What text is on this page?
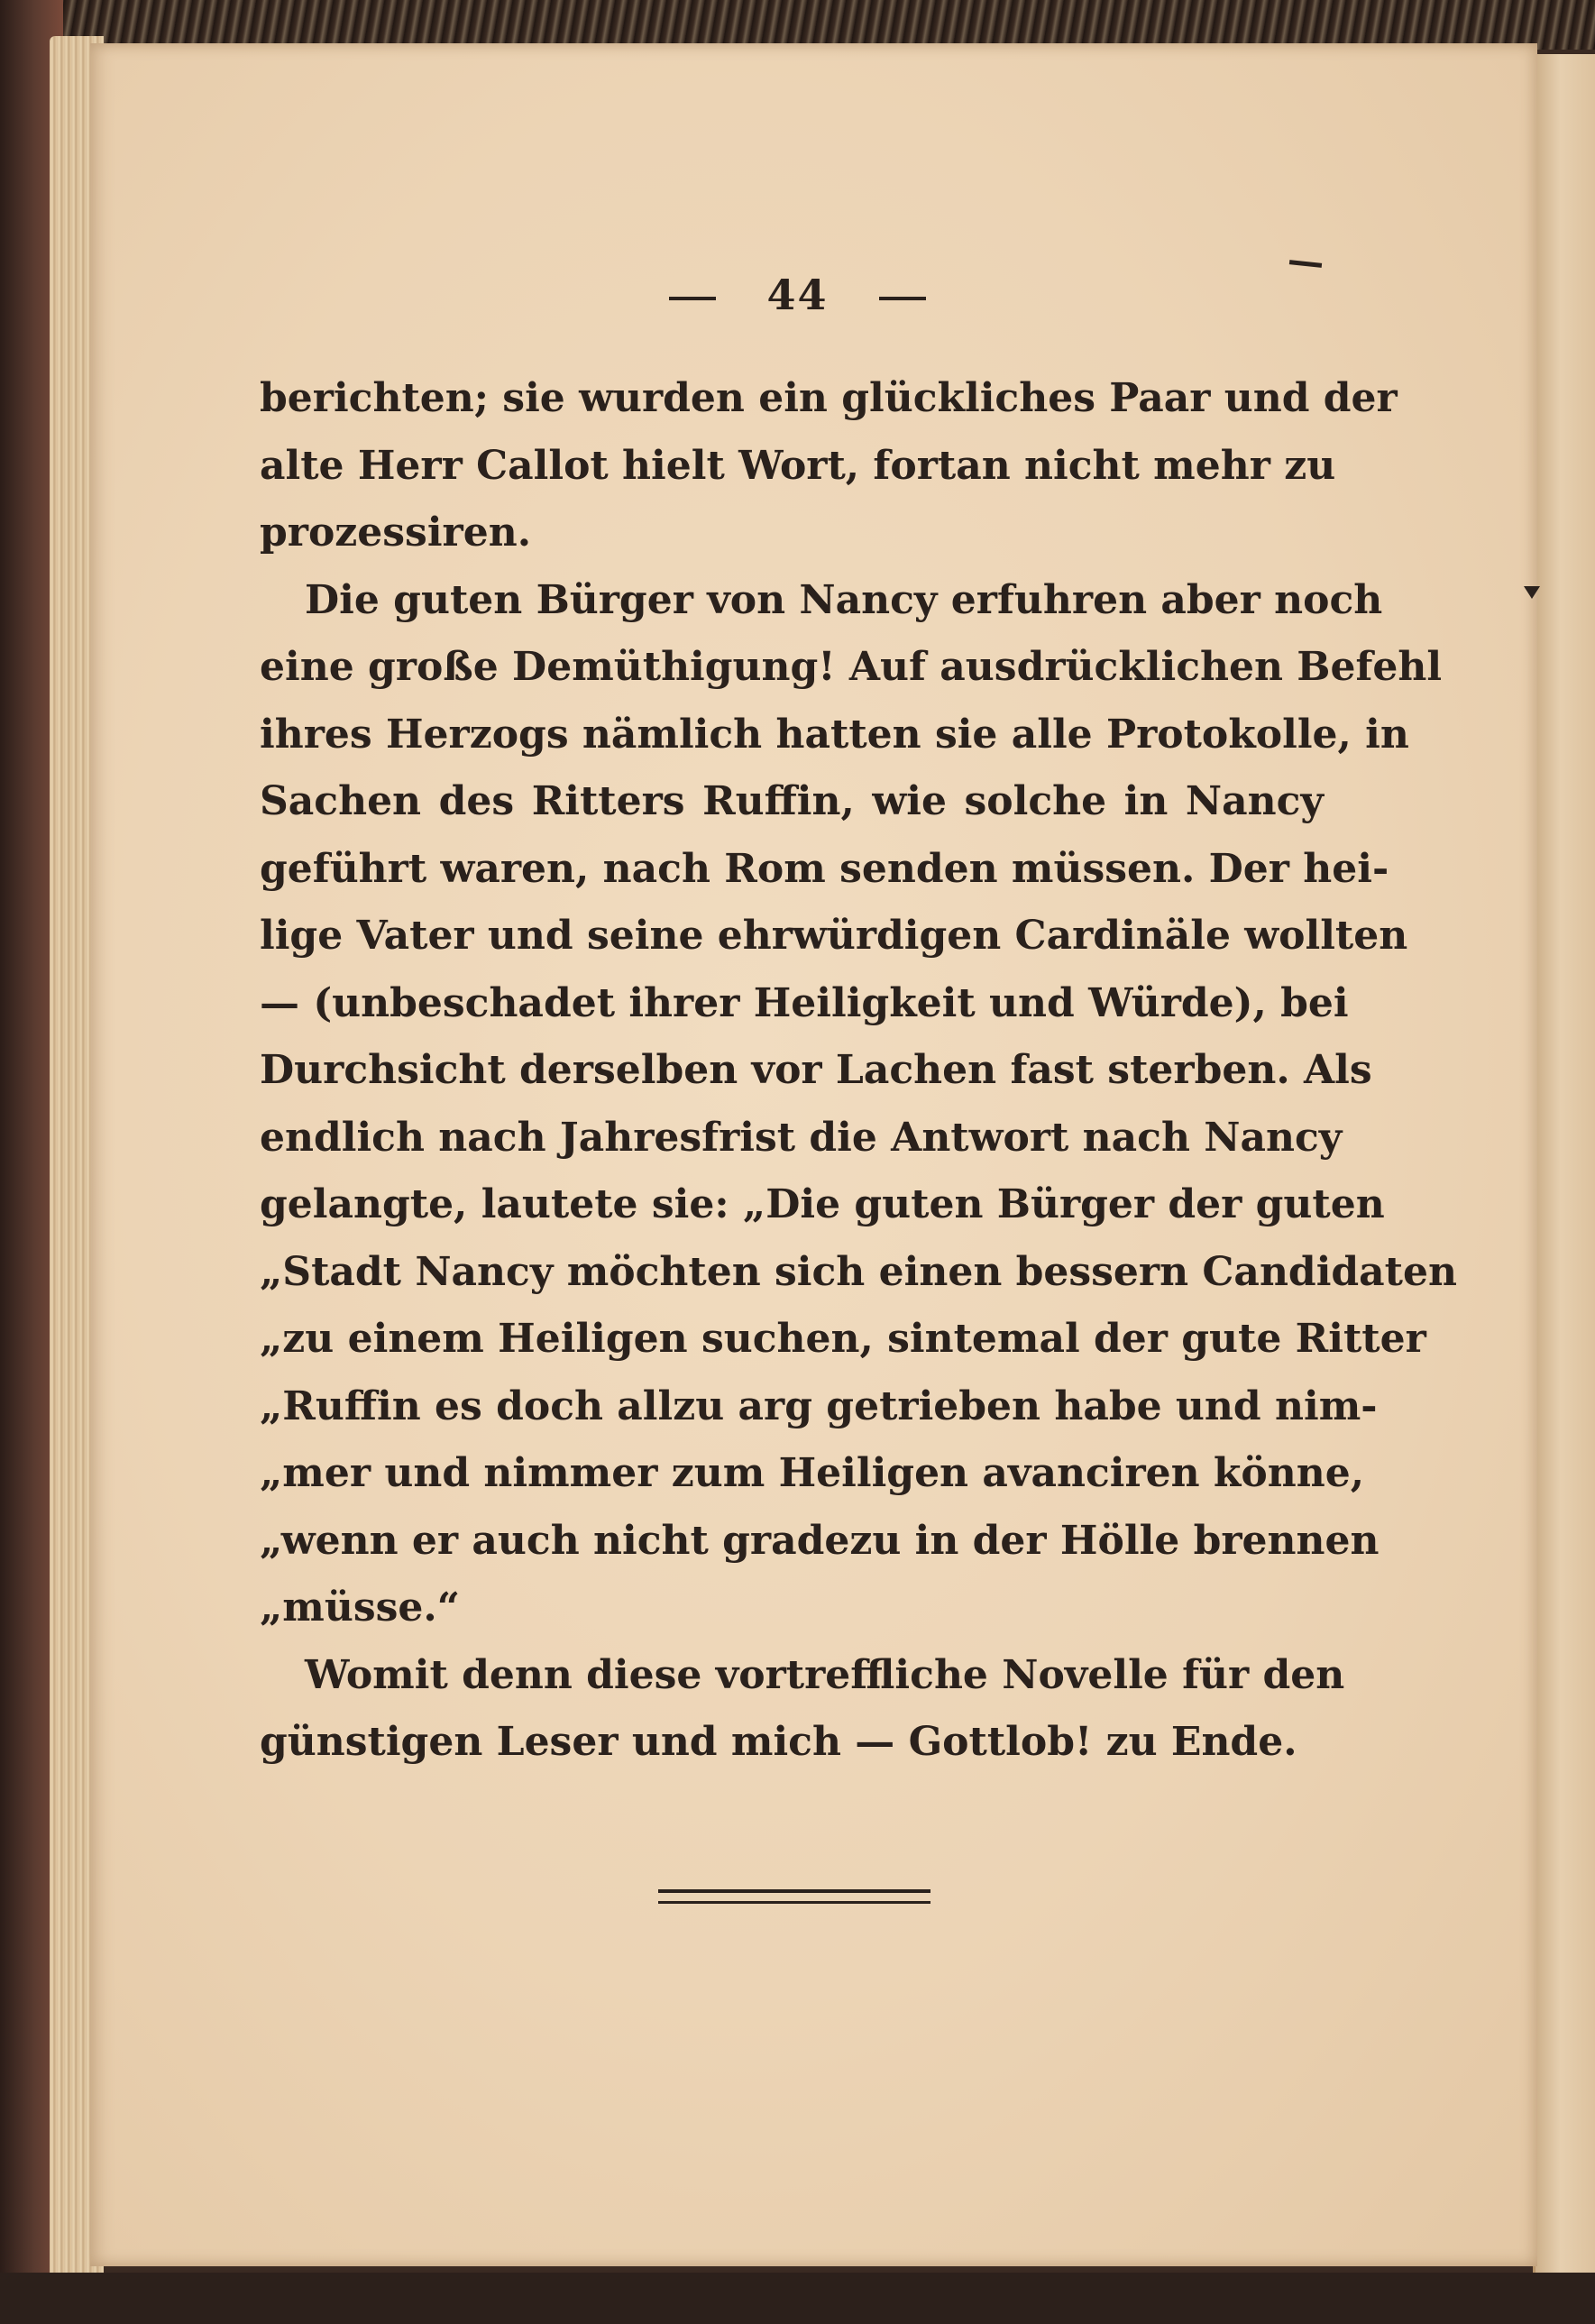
44
berichten; sie wurden ein glückliches Paar und der
alte Herr Callot hielt Wort, fortan nicht mehr zu
prozessiren.
Die guten Bürger von Nancy erfuhren aber noch
eine große Demüthigung! Auf ausdrücklichen Befehl
ihres Herzogs nämlich hatten sie alle Protokolle, in
Sachen des Ritters Ruffin, wie solche in Nancy
geführt waren, nach Rom senden müssen. Der hei-
lige Vater und seine ehrwürdigen Cardinäle wollten
— (unbeschadet ihrer Heiligkeit und Würde), bei
Durchsicht derselben vor Lachen fast sterben. Als
endlich nach Jahresfrist die Antwort nach Nancy
gelangte, lautete sie: „Die guten Bürger der guten
„Stadt Nancy möchten sich einen bessern Candidaten
„zu einem Heiligen suchen, sintemal der gute Ritter
„Ruffin es doch allzu arg getrieben habe und nim-
„mer und nimmer zum Heiligen avanciren könne,
„wenn er auch nicht gradezu in der Hölle brennen
„müsse.“
Womit denn diese vortreffliche Novelle für den
günstigen Leser und mich — Gottlob! zu Ende.
